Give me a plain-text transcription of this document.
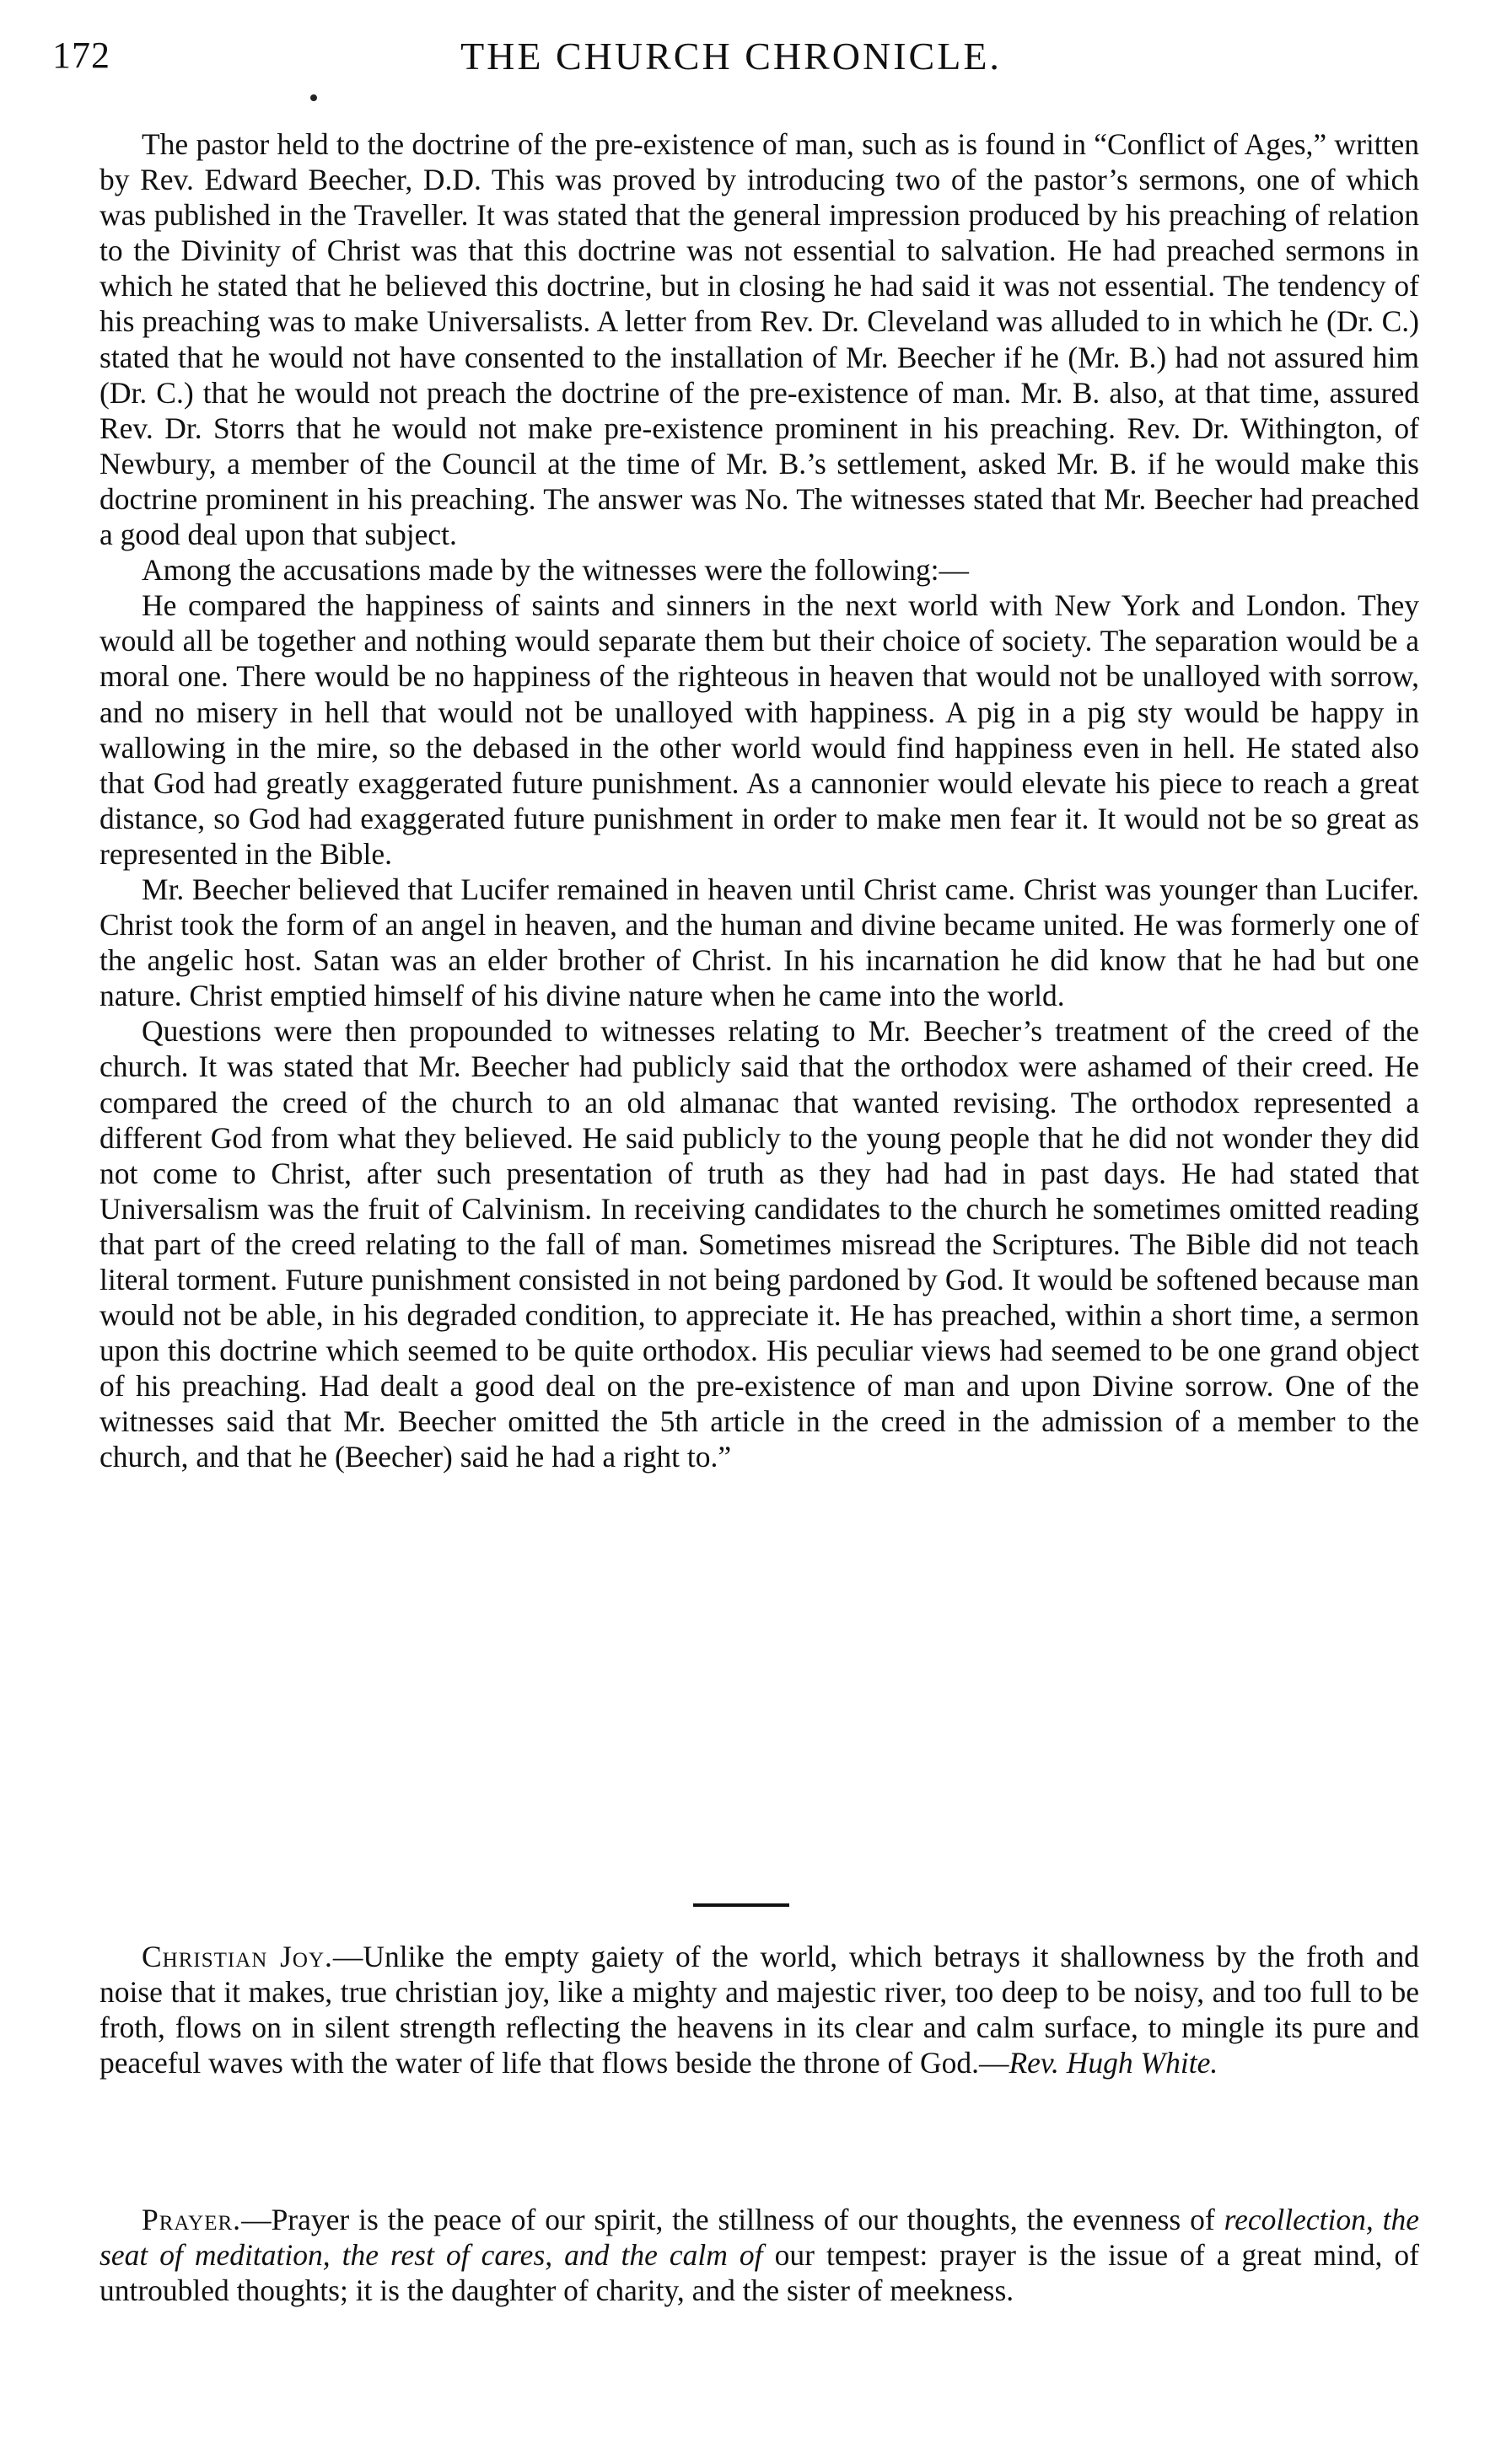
172	THE CHURCH CHRONICLE.

The pastor held to the doctrine of the pre-existence of man, such as is found in “Conflict of Ages,” written by Rev. Edward Beecher, D.D. This was proved by introducing two of the pastor’s sermons, one of which was published in the Traveller. It was stated that the general impression produced by his preaching of relation to the Divinity of Christ was that this doctrine was not essential to salvation. He had preached sermons in which he stated that he believed this doctrine, but in closing he had said it was not essential. The tendency of his preaching was to make Universalists. A letter from Rev. Dr. Cleveland was alluded to in which he (Dr. C.) stated that he would not have consented to the installation of Mr. Beecher if he (Mr. B.) had not assured him (Dr. C.) that he would not preach the doctrine of the pre-existence of man. Mr. B. also, at that time, assured Rev. Dr. Storrs that he would not make pre-existence prominent in his preaching. Rev. Dr. Withington, of Newbury, a member of the Council at the time of Mr. B.’s settlement, asked Mr. B. if he would make this doctrine prominent in his preaching. The answer was No. The witnesses stated that Mr. Beecher had preached a good deal upon that subject.

Among the accusations made by the witnesses were the following:—

He compared the happiness of saints and sinners in the next world with New York and London. They would all be together and nothing would separate them but their choice of society. The separation would be a moral one. There would be no happiness of the righteous in heaven that would not be unalloyed with sorrow, and no misery in hell that would not be unalloyed with happiness. A pig in a pig sty would be happy in wallowing in the mire, so the debased in the other world would find happiness even in hell. He stated also that God had greatly exaggerated future punishment. As a cannonier would elevate his piece to reach a great distance, so God had exaggerated future punishment in order to make men fear it. It would not be so great as represented in the Bible.

Mr. Beecher believed that Lucifer remained in heaven until Christ came. Christ was younger than Lucifer. Christ took the form of an angel in heaven, and the human and divine became united. He was formerly one of the angelic host. Satan was an elder brother of Christ. In his incarnation he did know that he had but one nature. Christ emptied himself of his divine nature when he came into the world.

Questions were then propounded to witnesses relating to Mr. Beecher’s treatment of the creed of the church. It was stated that Mr. Beecher had publicly said that the orthodox were ashamed of their creed. He compared the creed of the church to an old almanac that wanted revising. The orthodox represented a different God from what they believed. He said publicly to the young people that he did not wonder they did not come to Christ, after such presentation of truth as they had had in past days. He had stated that Universalism was the fruit of Calvinism. In receiving candidates to the church he sometimes omitted reading that part of the creed relating to the fall of man. Sometimes misread the Scriptures. The Bible did not teach literal torment. Future punishment consisted in not being pardoned by God. It would be softened because man would not be able, in his degraded condition, to appreciate it. He has preached, within a short time, a sermon upon this doctrine which seemed to be quite orthodox. His peculiar views had seemed to be one grand object of his preaching. Had dealt a good deal on the pre-existence of man and upon Divine sorrow. One of the witnesses said that Mr. Beecher omitted the 5th article in the creed in the admission of a member to the church, and that he (Beecher) said he had a right to.”

Christian Joy.—Unlike the empty gaiety of the world, which betrays it shallowness by the froth and noise that it makes, true christian joy, like a mighty and majestic river, too deep to be noisy, and too full to be froth, flows on in silent strength reflecting the heavens in its clear and calm surface, to mingle its pure and peaceful waves with the water of life that flows beside the throne of God.—Rev. Hugh White.

Prayer.—Prayer is the peace of our spirit, the stillness of our thoughts, the evenness of recollection, the seat of meditation, the rest of cares, and the calm of our tempest: prayer is the issue of a great mind, of untroubled thoughts; it is the daughter of charity, and the sister of meekness.
